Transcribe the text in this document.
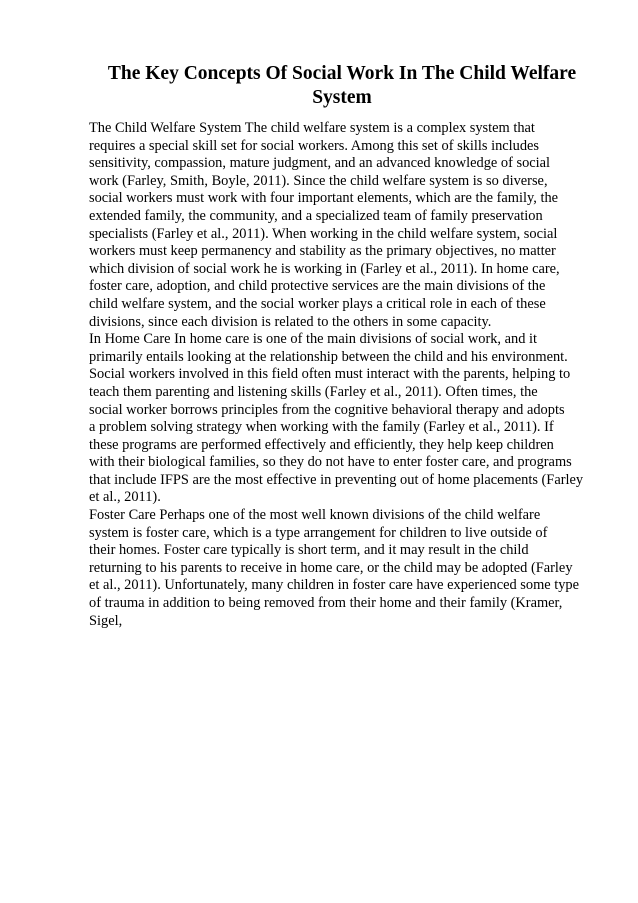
The Key Concepts Of Social Work In The Child Welfare System

The Child Welfare System The child welfare system is a complex system that
requires a special skill set for social workers. Among this set of skills includes
sensitivity, compassion, mature judgment, and an advanced knowledge of social
work (Farley, Smith, Boyle, 2011). Since the child welfare system is so diverse,
social workers must work with four important elements, which are the family, the
extended family, the community, and a specialized team of family preservation
specialists (Farley et al., 2011). When working in the child welfare system, social
workers must keep permanency and stability as the primary objectives, no matter
which division of social work he is working in (Farley et al., 2011). In home care,
foster care, adoption, and child protective services are the main divisions of the
child welfare system, and the social worker plays a critical role in each of these
divisions, since each division is related to the others in some capacity.

In Home Care In home care is one of the main divisions of social work, and it
primarily entails looking at the relationship between the child and his environment.
Social workers involved in this field often must interact with the parents, helping to
teach them parenting and listening skills (Farley et al., 2011). Often times, the
social worker borrows principles from the cognitive behavioral therapy and adopts
a problem solving strategy when working with the family (Farley et al., 2011). If
these programs are performed effectively and efficiently, they help keep children
with their biological families, so they do not have to enter foster care, and programs
that include IFPS are the most effective in preventing out of home placements (Farley
et al., 2011).

Foster Care Perhaps one of the most well known divisions of the child welfare
system is foster care, which is a type arrangement for children to live outside of
their homes. Foster care typically is short term, and it may result in the child
returning to his parents to receive in home care, or the child may be adopted (Farley
et al., 2011). Unfortunately, many children in foster care have experienced some type
of trauma in addition to being removed from their home and their family (Kramer,
Sigel,
